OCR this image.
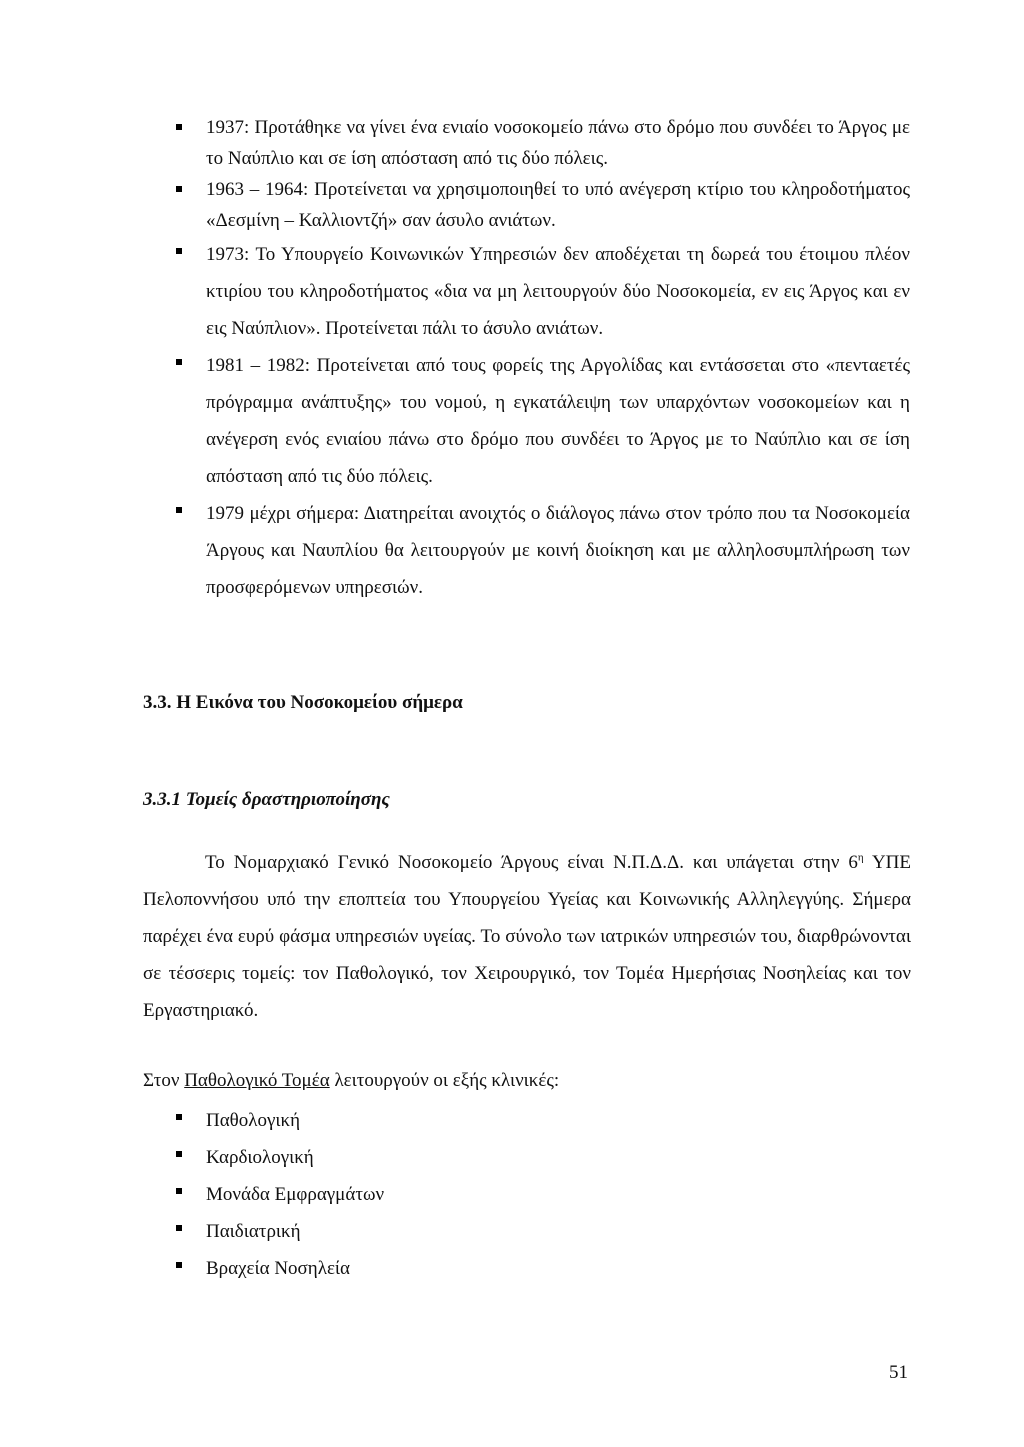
1937: Προτάθηκε να γίνει ένα ενιαίο νοσοκομείο πάνω στο δρόμο που συνδέει το Άργος με το Ναύπλιο και σε ίση απόσταση από τις δύο πόλεις.
1963 – 1964: Προτείνεται να χρησιμοποιηθεί το υπό ανέγερση κτίριο του κληροδοτήματος «Δεσμίνη – Καλλιοντζή» σαν άσυλο ανιάτων.
1973: Το Υπουργείο Κοινωνικών Υπηρεσιών δεν αποδέχεται τη δωρεά του έτοιμου πλέον κτιρίου του κληροδοτήματος «δια να μη λειτουργούν δύο Νοσοκομεία, εν εις Άργος και εν εις Ναύπλιον». Προτείνεται πάλι το άσυλο ανιάτων.
1981 – 1982: Προτείνεται από τους φορείς της Αργολίδας και εντάσσεται στο «πενταετές πρόγραμμα ανάπτυξης» του νομού, η εγκατάλειψη των υπαρχόντων νοσοκομείων και η ανέγερση ενός ενιαίου πάνω στο δρόμο που συνδέει το Άργος με το Ναύπλιο και σε ίση απόσταση από τις δύο πόλεις.
1979 μέχρι σήμερα: Διατηρείται ανοιχτός ο διάλογος πάνω στον τρόπο που τα Νοσοκομεία Άργους και Ναυπλίου θα λειτουργούν με κοινή διοίκηση και με αλληλοσυμπλήρωση των προσφερόμενων υπηρεσιών.
3.3. Η Εικόνα του Νοσοκομείου σήμερα
3.3.1 Τομείς δραστηριοποίησης

Το Νομαρχιακό Γενικό Νοσοκομείο Άργους είναι Ν.Π.Δ.Δ. και υπάγεται στην $6^\eta$ ΥΠΕ Πελοποννήσου υπό την εποπτεία του Υπουργείου Υγείας και Κοινωνικής Αλληλεγγύης. Σήμερα παρέχει ένα ευρύ φάσμα υπηρεσιών υγείας. Το σύνολο των ιατρικών υπηρεσιών του, διαρθρώνονται σε τέσσερις τομείς: τον Παθολογικό, τον Χειρουργικό, τον Τομέα Ημερήσιας Νοσηλείας και τον Εργαστηριακό.

Στον Παθολογικό Τομέα λειτουργούν οι εξής κλινικές:

Παθολογική
Καρδιολογική
Μονάδα Εμφραγμάτων
Παιδιατρική
Βραχεία Νοσηλεία

51
